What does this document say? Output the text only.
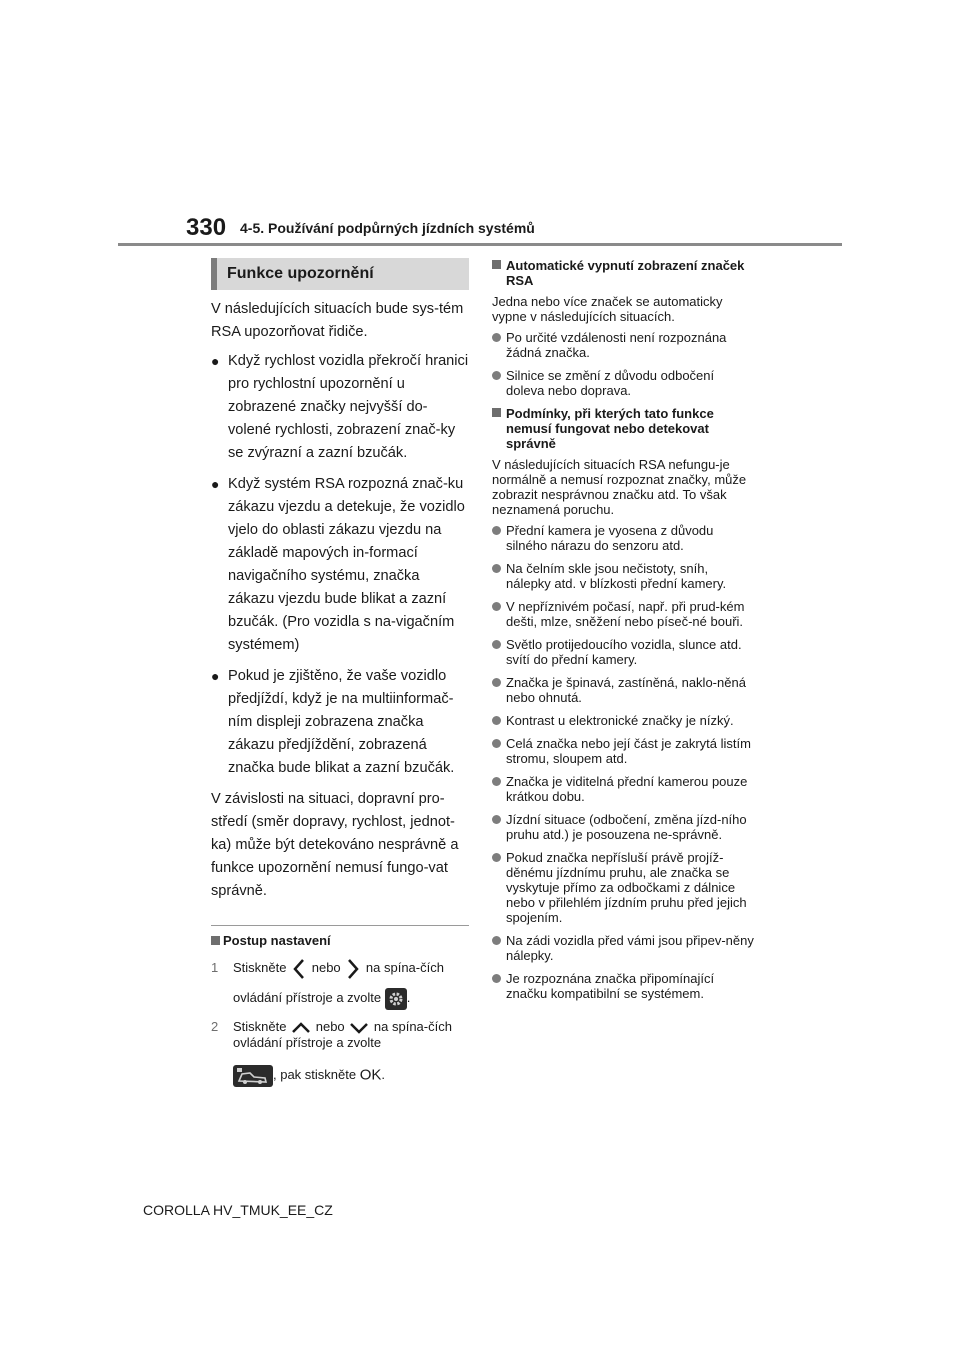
330 4-5. Používání podpůrných jízdních systémů
Funkce upozornění

V následujících situacích bude sys-tém RSA upozorňovat řidiče.

● Když rychlost vozidla překročí hranici pro rychlostní upozornění u zobrazené značky nejvyšší do-volené rychlosti, zobrazení znač-ky se zvýrazní a zazní bzučák.
● Když systém RSA rozpozná znač-ku zákazu vjezdu a detekuje, že vozidlo vjelo do oblasti zákazu vjezdu na základě mapových in-formací navigačního systému, značka zákazu vjezdu bude blikat a zazní bzučák. (Pro vozidla s na-vigačním systémem)
● Pokud je zjištěno, že vaše vozidlo předjíždí, když je na multiinformač-ním displeji zobrazena značka zákazu předjíždění, zobrazená značka bude blikat a zazní bzučák.

V závislosti na situaci, dopravní pro-středí (směr dopravy, rychlost, jednot-ka) může být detekováno nesprávně a funkce upozornění nemusí fungo-vat správně.

Postup nastavení

1 Stiskněte nebo na spína-čích ovládání přístroje a zvolte .
2 Stiskněte nebo na spína-čích ovládání přístroje a zvolte
, pak stiskněte OK.

Automatické vypnutí zobrazení značek RSA

Jedna nebo více značek se automaticky vypne v následujících situacích.

Po určité vzdálenosti není rozpoznána žádná značka.
Silnice se změní z důvodu odbočení doleva nebo doprava.

Podmínky, při kterých tato funkce nemusí fungovat nebo detekovat správně

V následujících situacích RSA nefungu-je normálně a nemusí rozpoznat značky, může zobrazit nesprávnou značku atd. To však neznamená poruchu.

Přední kamera je vyosena z důvodu silného nárazu do senzoru atd.
Na čelním skle jsou nečistoty, sníh, nálepky atd. v blízkosti přední kamery.
V nepříznivém počasí, např. při prud-kém dešti, mlze, sněžení nebo píseč-né bouři.
Světlo protijedoucího vozidla, slunce atd. svítí do přední kamery.
Značka je špinavá, zastíněná, naklo-něná nebo ohnutá.
Kontrast u elektronické značky je nízký.
Celá značka nebo její část je zakrytá listím stromu, sloupem atd.
Značka je viditelná přední kamerou pouze krátkou dobu.
Jízdní situace (odbočení, změna jízd-ního pruhu atd.) je posouzena ne-správně.
Pokud značka nepřísluší právě projíž-děnému jízdnímu pruhu, ale značka se vyskytuje přímo za odbočkami z dálnice nebo v přilehlém jízdním pruhu před jejich spojením.
Na zádi vozidla před vámi jsou připev-něny nálepky.
Je rozpoznána značka připomínající značku kompatibilní se systémem.
COROLLA HV_TMUK_EE_CZ
